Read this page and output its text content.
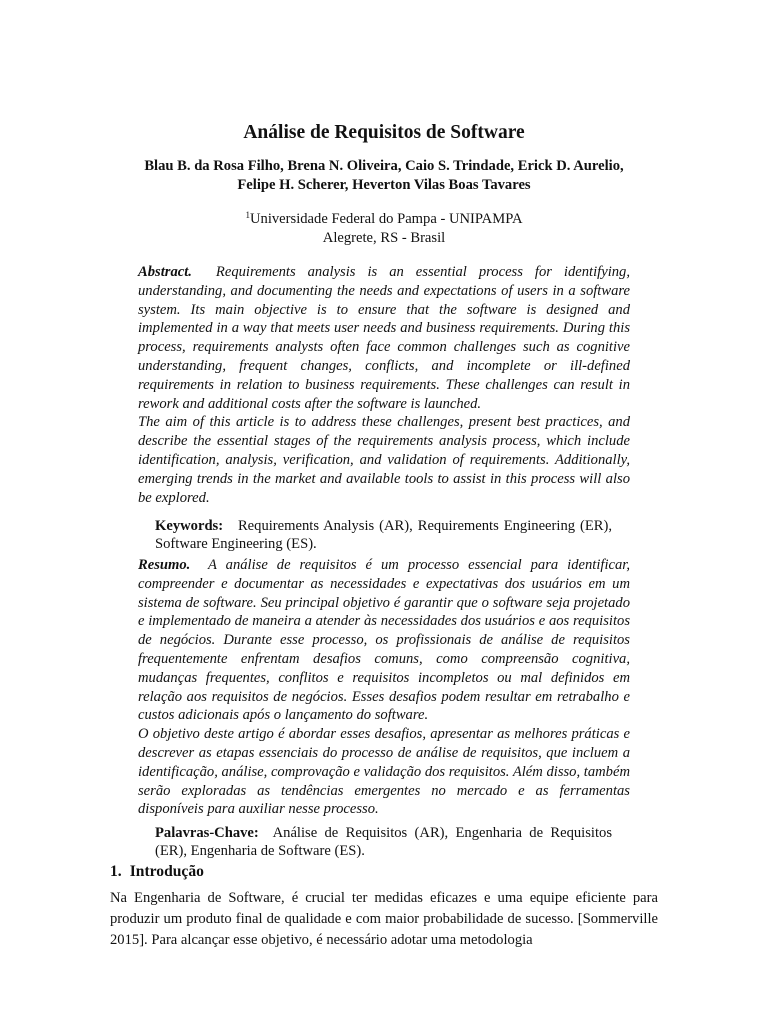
Análise de Requisitos de Software
Blau B. da Rosa Filho, Brena N. Oliveira, Caio S. Trindade, Erick D. Aurelio,
Felipe H. Scherer, Heverton Vilas Boas Tavares
$^1$Universidade Federal do Pampa - UNIPAMPA
Alegrete, RS - Brasil

Abstract. Requirements analysis is an essential process for identifying, understanding, and documenting the needs and expectations of users in a software system. Its main objective is to ensure that the software is designed and implemented in a way that meets user needs and business requirements. During this process, requirements analysts often face common challenges such as cognitive understanding, frequent changes, conflicts, and incomplete or ill-defined requirements in relation to business requirements. These challenges can result in rework and additional costs after the software is launched.

The aim of this article is to address these challenges, present best practices, and describe the essential stages of the requirements analysis process, which include identification, analysis, verification, and validation of requirements. Additionally, emerging trends in the market and available tools to assist in this process will also be explored.

Keywords: Requirements Analysis (AR), Requirements Engineering (ER), Software Engineering (ES).

Resumo. A análise de requisitos é um processo essencial para identificar, compreender e documentar as necessidades e expectativas dos usuários em um sistema de software. Seu principal objetivo é garantir que o software seja projetado e implementado de maneira a atender às necessidades dos usuários e aos requisitos de negócios. Durante esse processo, os profissionais de análise de requisitos frequentemente enfrentam desafios comuns, como compreensão cognitiva, mudanças frequentes, conflitos e requisitos incompletos ou mal definidos em relação aos requisitos de negócios. Esses desafios podem resultar em retrabalho e custos adicionais após o lançamento do software.

O objetivo deste artigo é abordar esses desafios, apresentar as melhores práticas e descrever as etapas essenciais do processo de análise de requisitos, que incluem a identificação, análise, comprovação e validação dos requisitos. Além disso, também serão exploradas as tendências emergentes no mercado e as ferramentas disponíveis para auxiliar nesse processo.

Palavras-Chave: Análise de Requisitos (AR), Engenharia de Requisitos (ER), Engenharia de Software (ES).

1. Introdução

Na Engenharia de Software, é crucial ter medidas eficazes e uma equipe eficiente para produzir um produto final de qualidade e com maior probabilidade de sucesso. [Sommerville 2015]. Para alcançar esse objetivo, é necessário adotar uma metodologia
